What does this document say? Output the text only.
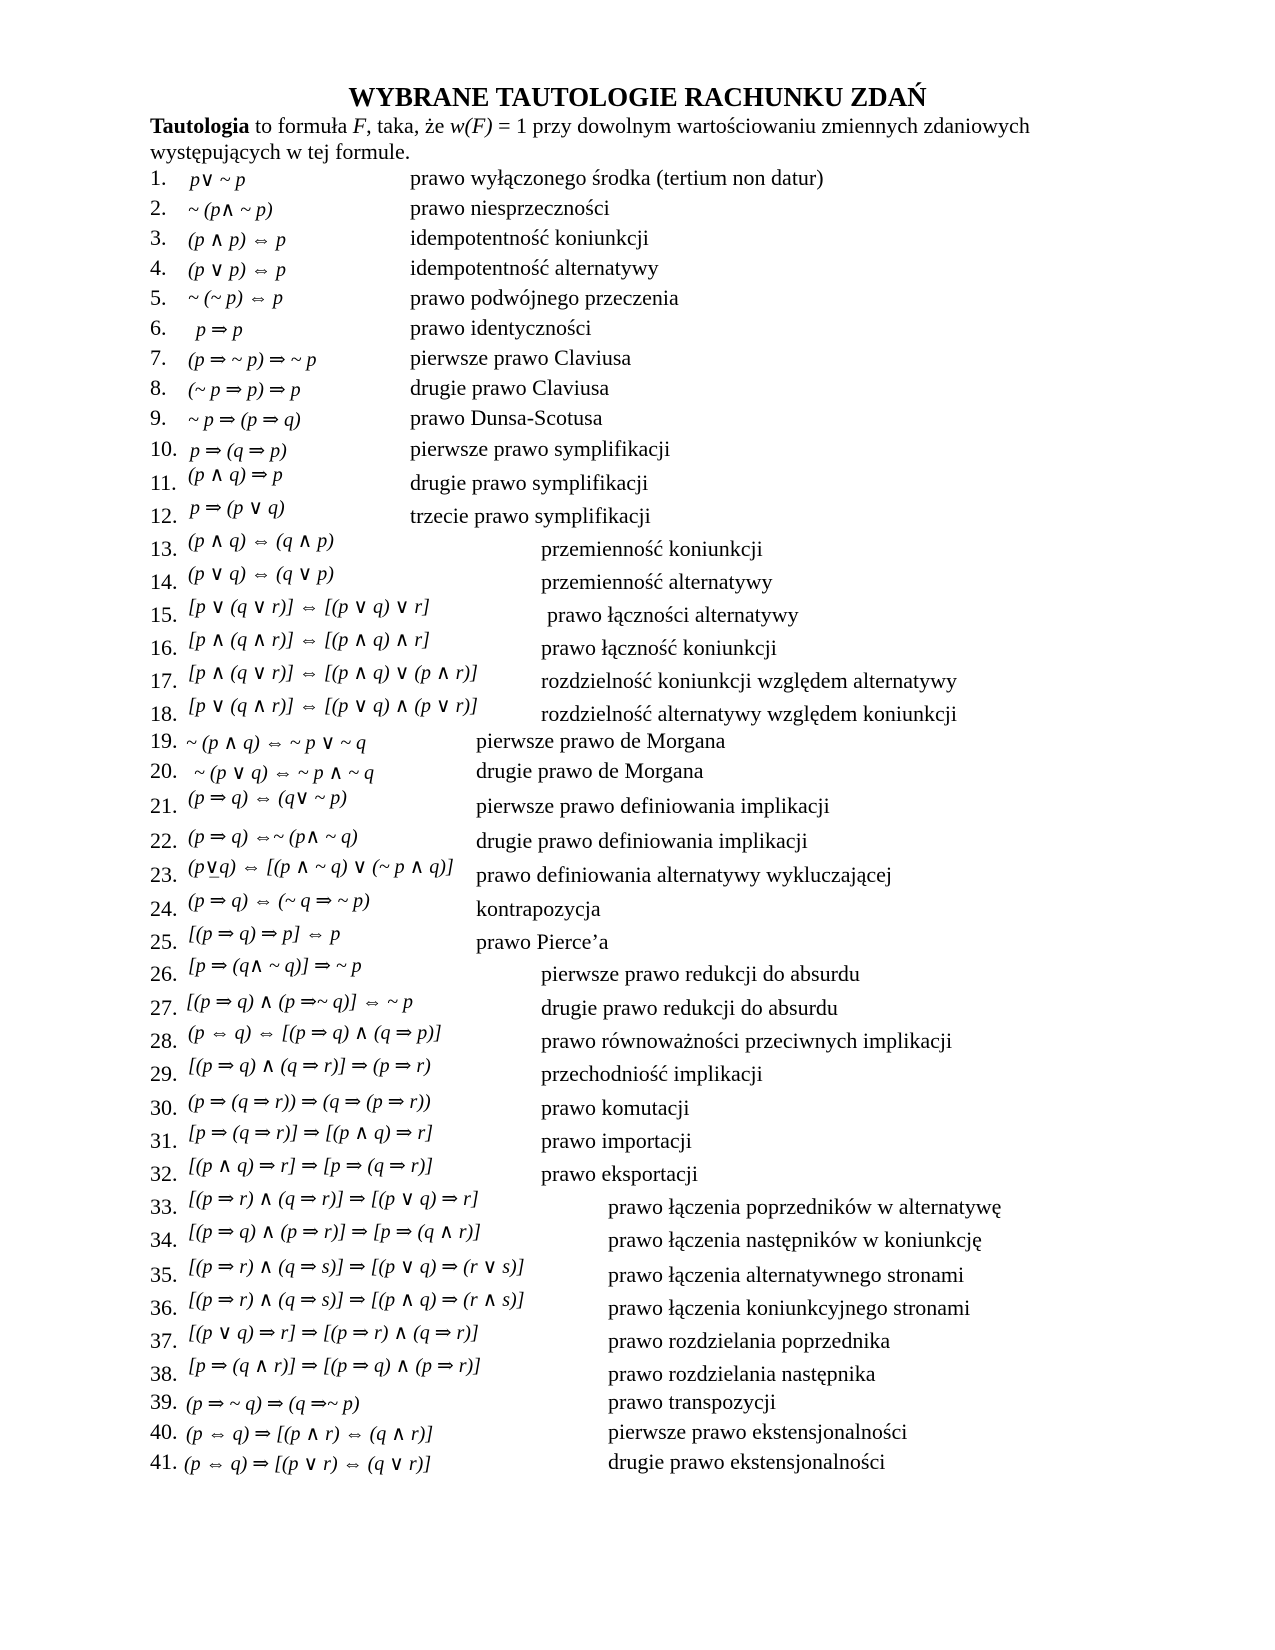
WYBRANE TAUTOLOGIE RACHUNKU ZDAŃ
Tautologia to formuła F, taka, że w(F) = 1 przy dowolnym wartościowaniu zmiennych zdaniowych występujących w tej formule.
1. p∨ ~ p	prawo wyłączonego środka (tertium non datur)
2. ~ (p∧ ~ p)	prawo niesprzeczności
3. (p ∧ p) ⇔ p	idempotentność koniunkcji
4. (p ∨ p) ⇔ p	idempotentność alternatywy
5. ~ (~ p) ⇔ p	prawo podwójnego przeczenia
6. p ⇒ p	prawo identyczności
7. (p ⇒ ~ p) ⇒ ~ p	pierwsze prawo Claviusa
8. (~ p ⇒ p) ⇒ p	drugie prawo Claviusa
9. ~ p ⇒ (p ⇒ q)	prawo Dunsa-Scotusa
10. p ⇒ (q ⇒ p)	pierwsze prawo symplifikacji
11. (p ∧ q) ⇒ p	drugie prawo symplifikacji
12. p ⇒ (p ∨ q)	trzecie prawo symplifikacji
13. (p ∧ q) ⇔ (q ∧ p)	przemienność koniunkcji
14. (p ∨ q) ⇔ (q ∨ p)	przemienność alternatywy
15. [p ∨ (q ∨ r)] ⇔ [(p ∨ q) ∨ r]	prawo łączności alternatywy
16. [p ∧ (q ∧ r)] ⇔ [(p ∧ q) ∧ r]	prawo łączność koniunkcji
17. [p ∧ (q ∨ r)] ⇔ [(p ∧ q) ∨ (p ∧ r)]	rozdzielność koniunkcji względem alternatywy
18. [p ∨ (q ∧ r)] ⇔ [(p ∨ q) ∧ (p ∨ r)]	rozdzielność alternatywy względem koniunkcji
19. ~ (p ∧ q) ⇔ ~ p ∨ ~ q	pierwsze prawo de Morgana
20. ~ (p ∨ q) ⇔ ~ p ∧ ~ q	drugie prawo de Morgana
21. (p ⇒ q) ⇔ (q∨ ~ p)	pierwsze prawo definiowania implikacji
22. (p ⇒ q) ⇔~ (p∧ ~ q)	drugie prawo definiowania implikacji
23. (p∨̲q) ⇔ [(p ∧ ~ q) ∨ (~ p ∧ q)] prawo definiowania alternatywy wykluczającej
24. (p ⇒ q) ⇔ (~ q ⇒ ~ p)	kontrapozycja
25. [(p ⇒ q) ⇒ p] ⇔ p	prawo Pierce’a
26. [p ⇒ (q∧ ~ q)] ⇒ ~ p	pierwsze prawo redukcji do absurdu
27. [(p ⇒ q) ∧ (p ⇒~ q)] ⇔ ~ p	drugie prawo redukcji do absurdu
28. (p ⇔ q) ⇔ [(p ⇒ q) ∧ (q ⇒ p)]	prawo równoważności przeciwnych implikacji
29. [(p ⇒ q) ∧ (q ⇒ r)] ⇒ (p ⇒ r)	przechodniość implikacji
30. (p ⇒ (q ⇒ r)) ⇒ (q ⇒ (p ⇒ r))	prawo komutacji
31. [p ⇒ (q ⇒ r)] ⇒ [(p ∧ q) ⇒ r]	prawo importacji
32. [(p ∧ q) ⇒ r] ⇒ [p ⇒ (q ⇒ r)]	prawo eksportacji
33. [(p ⇒ r) ∧ (q ⇒ r)] ⇒ [(p ∨ q) ⇒ r]	prawo łączenia poprzedników w alternatywę
34. [(p ⇒ q) ∧ (p ⇒ r)] ⇒ [p ⇒ (q ∧ r)]	prawo łączenia następników w koniunkcję
35. [(p ⇒ r) ∧ (q ⇒ s)] ⇒ [(p ∨ q) ⇒ (r ∨ s)]	prawo łączenia alternatywnego stronami
36. [(p ⇒ r) ∧ (q ⇒ s)] ⇒ [(p ∧ q) ⇒ (r ∧ s)]	prawo łączenia koniunkcyjnego stronami
37. [(p ∨ q) ⇒ r] ⇒ [(p ⇒ r) ∧ (q ⇒ r)]	prawo rozdzielania poprzednika
38. [p ⇒ (q ∧ r)] ⇒ [(p ⇒ q) ∧ (p ⇒ r)]	prawo rozdzielania następnika
39. (p ⇒ ~ q) ⇒ (q ⇒~ p)	prawo transpozycji
40. (p ⇔ q) ⇒ [(p ∧ r) ⇔ (q ∧ r)]	pierwsze prawo ekstensjonalności
41. (p ⇔ q) ⇒ [(p ∨ r) ⇔ (q ∨ r)]	drugie prawo ekstensjonalności
